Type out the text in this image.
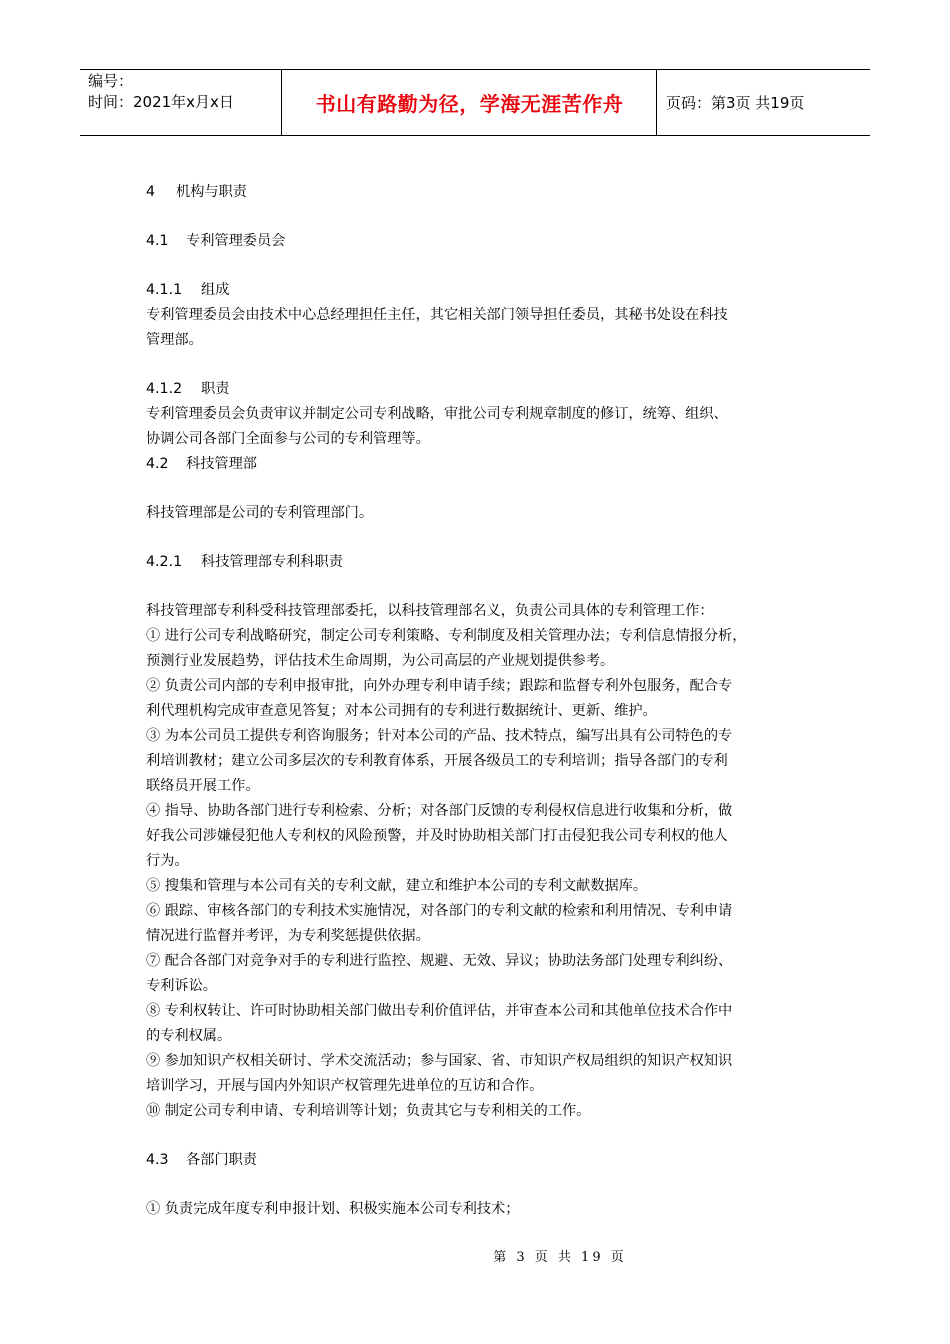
编号：
时间：2021年x月x日	书山有路勤为径，学海无涯苦作舟	页码：第3页 共19页

4 机构与职责

4.1 专利管理委员会

4.1.1 组成

专利管理委员会由技术中心总经理担任主任，其它相关部门领导担任委员，其秘书处设在科技

管理部。

4.1.2 职责

专利管理委员会负责审议并制定公司专利战略，审批公司专利规章制度的修订，统筹、组织、

协调公司各部门全面参与公司的专利管理等。

4.2 科技管理部

科技管理部是公司的专利管理部门。

4.2.1 科技管理部专利科职责

科技管理部专利科受科技管理部委托，以科技管理部名义，负责公司具体的专利管理工作：

① 进行公司专利战略研究，制定公司专利策略、专利制度及相关管理办法；专利信息情报分析，

预测行业发展趋势，评估技术生命周期，为公司高层的产业规划提供参考。

② 负责公司内部的专利申报审批，向外办理专利申请手续；跟踪和监督专利外包服务，配合专

利代理机构完成审查意见答复；对本公司拥有的专利进行数据统计、更新、维护。

③ 为本公司员工提供专利咨询服务；针对本公司的产品、技术特点，编写出具有公司特色的专

利培训教材；建立公司多层次的专利教育体系，开展各级员工的专利培训；指导各部门的专利

联络员开展工作。

④ 指导、协助各部门进行专利检索、分析；对各部门反馈的专利侵权信息进行收集和分析，做

好我公司涉嫌侵犯他人专利权的风险预警，并及时协助相关部门打击侵犯我公司专利权的他人

行为。

⑤ 搜集和管理与本公司有关的专利文献，建立和维护本公司的专利文献数据库。

⑥ 跟踪、审核各部门的专利技术实施情况，对各部门的专利文献的检索和利用情况、专利申请

情况进行监督并考评，为专利奖惩提供依据。

⑦ 配合各部门对竞争对手的专利进行监控、规避、无效、异议；协助法务部门处理专利纠纷、

专利诉讼。

⑧ 专利权转让、许可时协助相关部门做出专利价值评估，并审查本公司和其他单位技术合作中

的专利权属。

⑨ 参加知识产权相关研讨、学术交流活动；参与国家、省、市知识产权局组织的知识产权知识

培训学习，开展与国内外知识产权管理先进单位的互访和合作。

⑩ 制定公司专利申请、专利培训等计划；负责其它与专利相关的工作。

4.3 各部门职责

① 负责完成年度专利申报计划、积极实施本公司专利技术；

第 3 页 共 19 页
